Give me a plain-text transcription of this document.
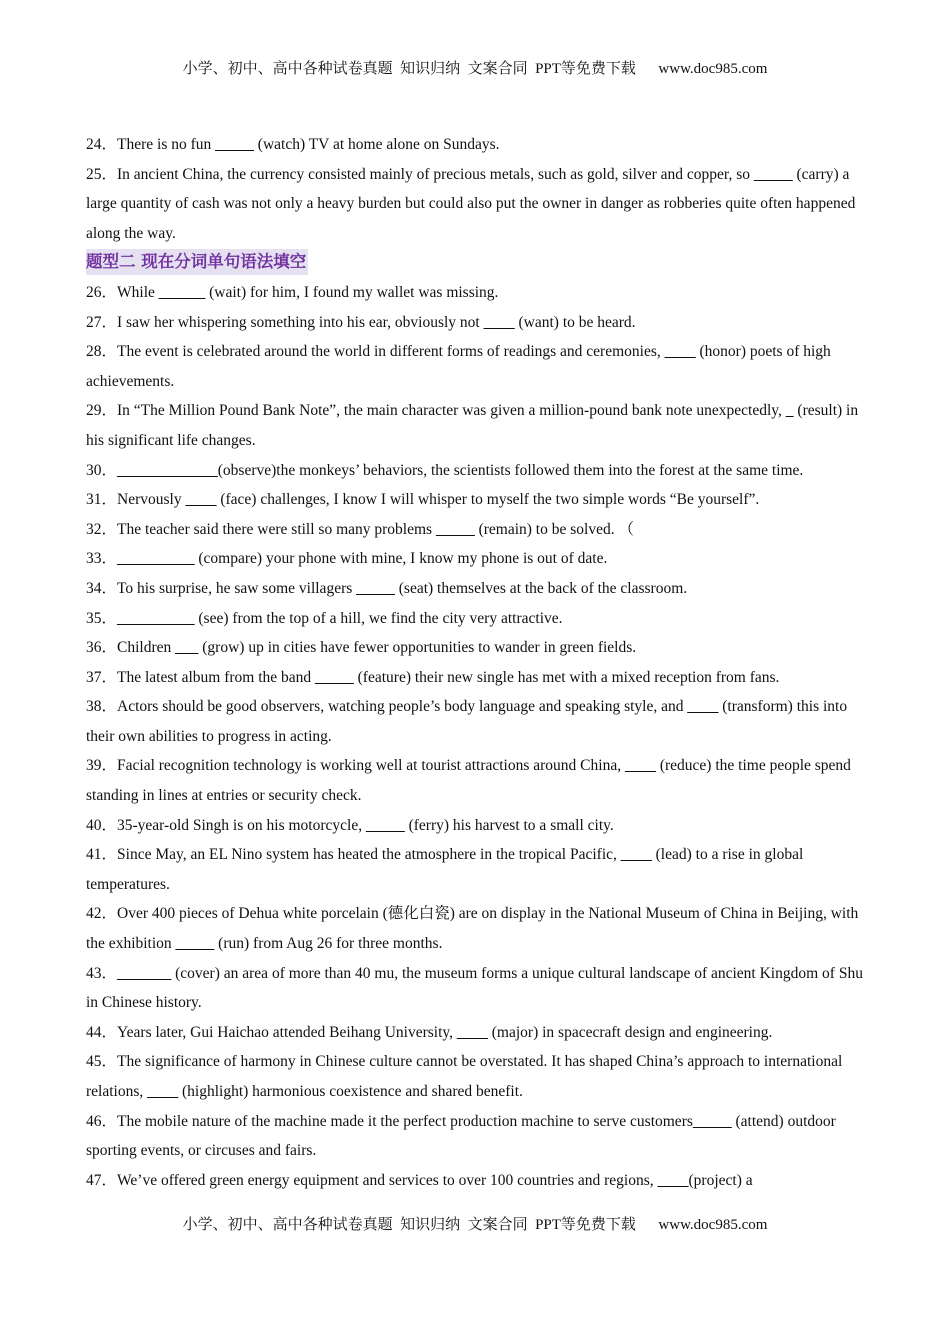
小学、初中、高中各种试卷真题  知识归纳  文案合同  PPT等免费下载      www.doc985.com

24．There is no fun _____ (watch) TV at home alone on Sundays.

25．In ancient China, the currency consisted mainly of precious metals, such as gold, silver and copper, so _____ (carry) a large quantity of cash was not only a heavy burden but could also put the owner in danger as robberies quite often happened along the way.

题型二 现在分词单句语法填空

26．While ______ (wait) for him, I found my wallet was missing.

27．I saw her whispering something into his ear, obviously not ____ (want) to be heard.

28．The event is celebrated around the world in different forms of readings and ceremonies, ____ (honor) poets of high achievements.

29．In “The Million Pound Bank Note”, the main character was given a million-pound bank note unexpectedly, _ (result) in his significant life changes.

30．_____________(observe)the monkeys’ behaviors, the scientists followed them into the forest at the same time.

31．Nervously ____ (face) challenges, I know I will whisper to myself the two simple words “Be yourself”.

32．The teacher said there were still so many problems _____ (remain) to be solved. （

33．__________ (compare) your phone with mine, I know my phone is out of date.

34．To his surprise, he saw some villagers _____ (seat) themselves at the back of the classroom.

35．__________ (see) from the top of a hill, we find the city very attractive.

36．Children ___ (grow) up in cities have fewer opportunities to wander in green fields.

37．The latest album from the band _____ (feature) their new single has met with a mixed reception from fans.

38．Actors should be good observers, watching people’s body language and speaking style, and ____ (transform) this into their own abilities to progress in acting.

39．Facial recognition technology is working well at tourist attractions around China, ____ (reduce) the time people spend standing in lines at entries or security check.

40．35-year-old Singh is on his motorcycle, _____ (ferry) his harvest to a small city.

41．Since May, an EL Nino system has heated the atmosphere in the tropical Pacific, ____ (lead) to a rise in global temperatures.

42．Over 400 pieces of Dehua white porcelain (德化白瓷) are on display in the National Museum of China in Beijing, with the exhibition _____ (run) from Aug 26 for three months.

43．_______ (cover) an area of more than 40 mu, the museum forms a unique cultural landscape of ancient Kingdom of Shu in Chinese history.

44．Years later, Gui Haichao attended Beihang University, ____ (major) in spacecraft design and engineering.

45．The significance of harmony in Chinese culture cannot be overstated. It has shaped China’s approach to international relations, ____ (highlight) harmonious coexistence and shared benefit.

46．The mobile nature of the machine made it the perfect production machine to serve customers_____ (attend) outdoor sporting events, or circuses and fairs.

47．We’ve offered green energy equipment and services to over 100 countries and regions, ____(project) a

小学、初中、高中各种试卷真题  知识归纳  文案合同  PPT等免费下载      www.doc985.com
